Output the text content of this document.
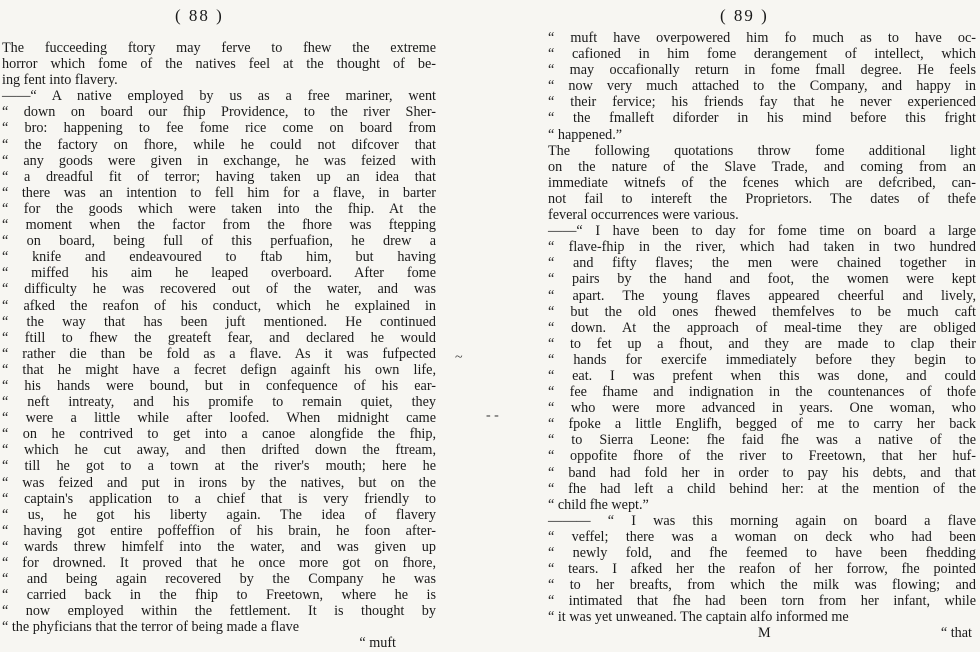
( 88 )
The fucceeding ftory may ferve to fhew the extreme
horror which fome of the natives feel at the thought of be-
ing fent into flavery.
——“ A native employed by us as a free mariner, went
“ down on board our fhip Providence, to the river Sher-
“ bro: happening to fee fome rice come on board from
“ the factory on fhore, while he could not difcover that
“ any goods were given in exchange, he was feized with
“ a dreadful fit of terror; having taken up an idea that
“ there was an intention to fell him for a flave, in barter
“ for the goods which were taken into the fhip. At the
“ moment when the factor from the fhore was ftepping
“ on board, being full of this perfuafion, he drew a
“ knife and endeavoured to ftab him, but having
“ miffed his aim he leaped overboard. After fome
“ difficulty he was recovered out of the water, and was
“ afked the reafon of his conduct, which he explained in
“ the way that has been juft mentioned. He continued
“ ftill to fhew the greateft fear, and declared he would
“ rather die than be fold as a flave. As it was fufpected
“ that he might have a fecret defign againft his own life,
“ his hands were bound, but in confequence of his ear-
“ neft intreaty, and his promife to remain quiet, they
“ were a little while after loofed. When midnight came
“ on he contrived to get into a canoe alongfide the fhip,
“ which he cut away, and then drifted down the ftream,
“ till he got to a town at the river's mouth; here he
“ was feized and put in irons by the natives, but on the
“ captain's application to a chief that is very friendly to
“ us, he got his liberty again. The idea of flavery
“ having got entire poffeffion of his brain, he foon after-
“ wards threw himfelf into the water, and was given up
“ for drowned. It proved that he once more got on fhore,
“ and being again recovered by the Company he was
“ carried back in the fhip to Freetown, where he is
“ now employed within the fettlement. It is thought by
“ the phyficians that the terror of being made a flave
“ muft
~
- -
( 89 )
“ muft have overpowered him fo much as to have oc-
“ cafioned in him fome derangement of intellect, which
“ may occafionally return in fome fmall degree. He feels
“ now very much attached to the Company, and happy in
“ their fervice; his friends fay that he never experienced
“ the fmalleft diforder in his mind before this fright
“ happened.”
The following quotations throw fome additional light
on the nature of the Slave Trade, and coming from an
immediate witnefs of the fcenes which are defcribed, can-
not fail to intereft the Proprietors. The dates of thefe
feveral occurrences were various.
——“ I have been to day for fome time on board a large
“ flave-fhip in the river, which had taken in two hundred
“ and fifty flaves; the men were chained together in
“ pairs by the hand and foot, the women were kept
“ apart. The young flaves appeared cheerful and lively,
“ but the old ones fhewed themfelves to be much caft
“ down. At the approach of meal-time they are obliged
“ to fet up a fhout, and they are made to clap their
“ hands for exercife immediately before they begin to
“ eat. I was prefent when this was done, and could
“ fee fhame and indignation in the countenances of thofe
“ who were more advanced in years. One woman, who
“ fpoke a little Englifh, begged of me to carry her back
“ to Sierra Leone: fhe faid fhe was a native of the
“ oppofite fhore of the river to Freetown, that her huf-
“ band had fold her in order to pay his debts, and that
“ fhe had left a child behind her: at the mention of the
“ child fhe wept.”
——— “ I was this morning again on board a flave
“ veffel; there was a woman on deck who had been
“ newly fold, and fhe feemed to have been fhedding
“ tears. I afked her the reafon of her forrow, fhe pointed
“ to her breafts, from which the milk was flowing; and
“ intimated that fhe had been torn from her infant, while
“ it was yet unweaned. The captain alfo informed me
M	“ that
